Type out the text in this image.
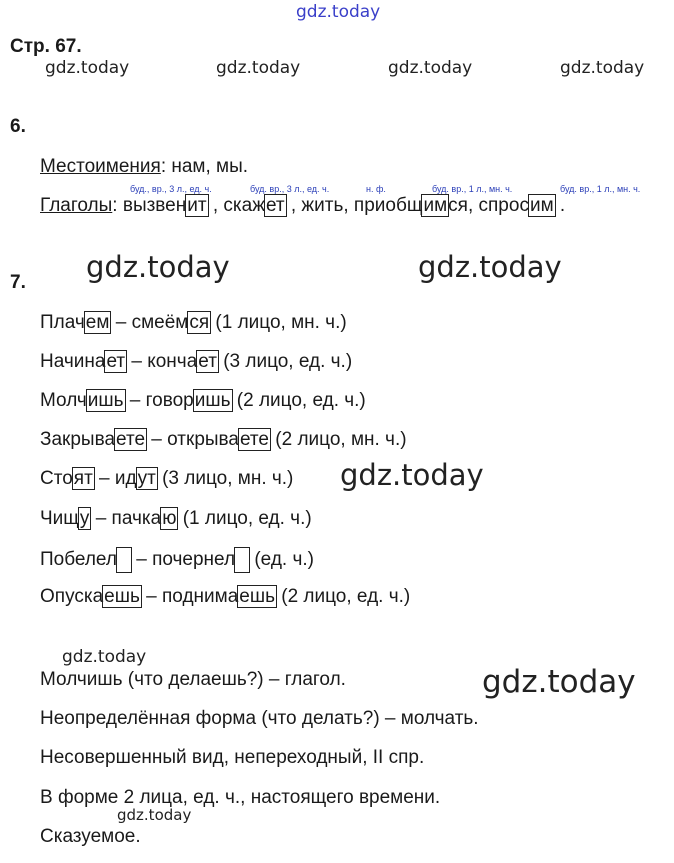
gdz.today
gdz.today	gdz.today	gdz.today	gdz.today
gdz.today	gdz.today
gdz.today
gdz.today
gdz.today
gdz.today
Стр. 67.
6.
Местоимения: нам, мы.
буд., вр., 3 л., ед. ч.	буд. вр., 3 л., ед. ч.	н. ф.	буд. вр., 1 л., мн. ч.	буд. вр., 1 л., мн. ч.
Глаголы: вызвенит , скажет , жить, приобщимся, спросим .
7.
Плачем – смеёмся (1 лицо, мн. ч.)
Начинает – кончает (3 лицо, ед. ч.)
Молчишь – говоришь (2 лицо, ед. ч.)
Закрываете – открываете (2 лицо, мн. ч.)
Стоят – идут (3 лицо, мн. ч.)
Чищу – пачкаю (1 лицо, ед. ч.)
Побелел – почернел (ед. ч.)
Опускаешь – поднимаешь (2 лицо, ед. ч.)
Молчишь (что делаешь?) – глагол.
Неопределённая форма (что делать?) – молчать.
Несовершенный вид, непереходный, II спр.
В форме 2 лица, ед. ч., настоящего времени.
Сказуемое.
